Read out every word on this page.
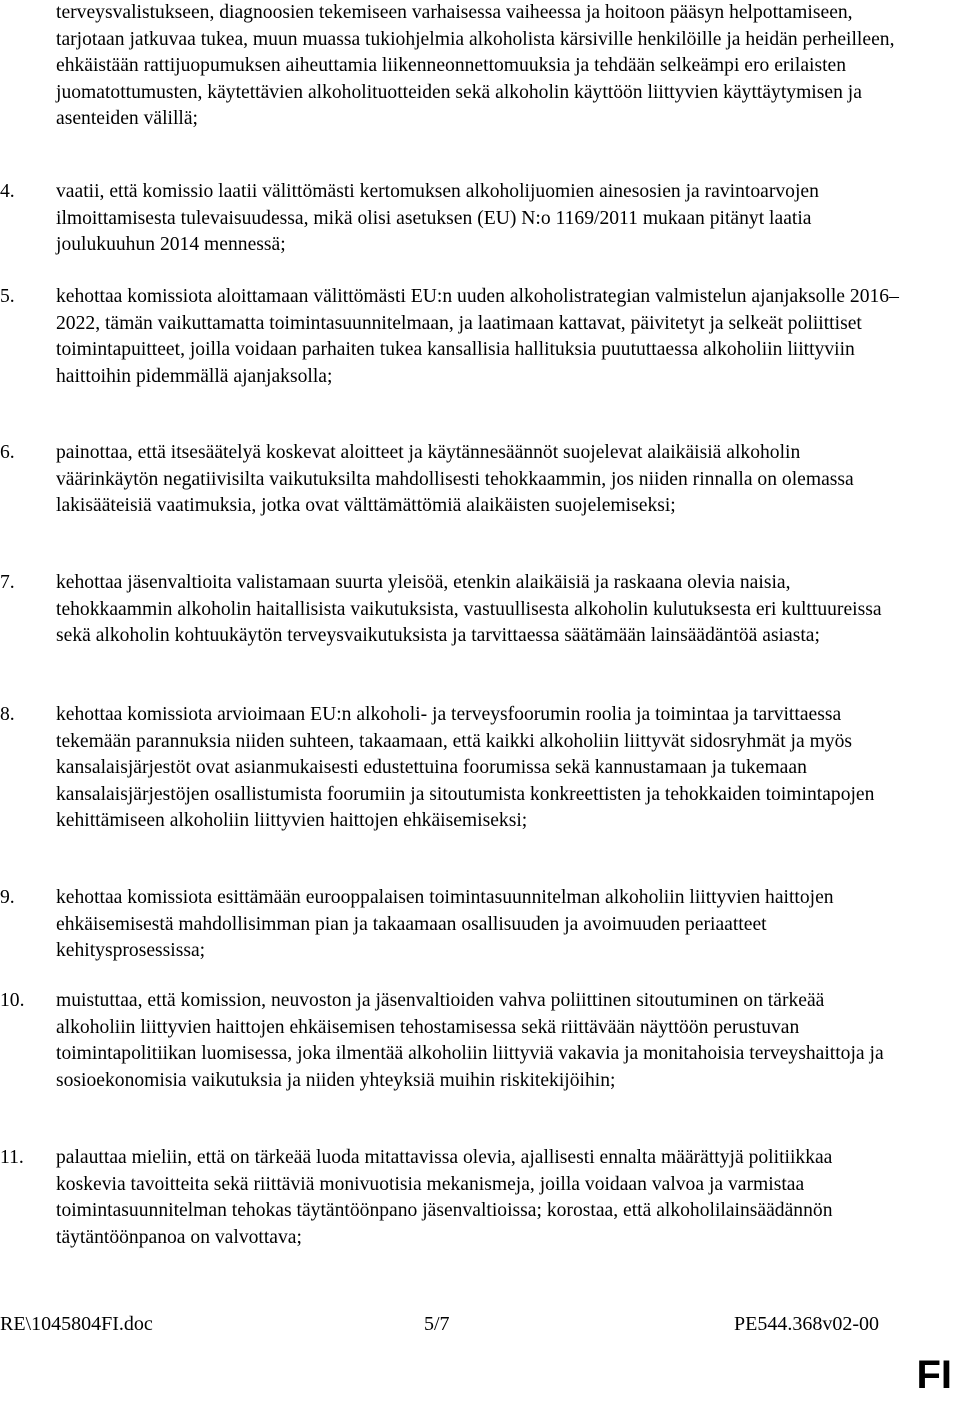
terveysvalistukseen, diagnoosien tekemiseen varhaisessa vaiheessa ja hoitoon pääsyn helpottamiseen, tarjotaan jatkuvaa tukea, muun muassa tukiohjelmia alkoholista kärsiville henkilöille ja heidän perheilleen, ehkäistään rattijuopumuksen aiheuttamia liikenneonnettomuuksia ja tehdään selkeämpi ero erilaisten juomatottumusten, käytettävien alkoholituotteiden sekä alkoholin käyttöön liittyvien käyttäytymisen ja asenteiden välillä;

4. vaatii, että komissio laatii välittömästi kertomuksen alkoholijuomien ainesosien ja ravintoarvojen ilmoittamisesta tulevaisuudessa, mikä olisi asetuksen (EU) N:o 1169/2011 mukaan pitänyt laatia joulukuuhun 2014 mennessä;

5. kehottaa komissiota aloittamaan välittömästi EU:n uuden alkoholistrategian valmistelun ajanjaksolle 2016–2022, tämän vaikuttamatta toimintasuunnitelmaan, ja laatimaan kattavat, päivitetyt ja selkeät poliittiset toimintapuitteet, joilla voidaan parhaiten tukea kansallisia hallituksia puututtaessa alkoholiin liittyviin haittoihin pidemmällä ajanjaksolla;

6. painottaa, että itsesäätelyä koskevat aloitteet ja käytännesäännöt suojelevat alaikäisiä alkoholin väärinkäytön negatiivisilta vaikutuksilta mahdollisesti tehokkaammin, jos niiden rinnalla on olemassa lakisääteisiä vaatimuksia, jotka ovat välttämättömiä alaikäisten suojelemiseksi;

7. kehottaa jäsenvaltioita valistamaan suurta yleisöä, etenkin alaikäisiä ja raskaana olevia naisia, tehokkaammin alkoholin haitallisista vaikutuksista, vastuullisesta alkoholin kulutuksesta eri kulttuureissa sekä alkoholin kohtuukäytön terveysvaikutuksista ja tarvittaessa säätämään lainsäädäntöä asiasta;

8. kehottaa komissiota arvioimaan EU:n alkoholi- ja terveysfoorumin roolia ja toimintaa ja tarvittaessa tekemään parannuksia niiden suhteen, takaamaan, että kaikki alkoholiin liittyvät sidosryhmät ja myös kansalaisjärjestöt ovat asianmukaisesti edustettuina foorumissa sekä kannustamaan ja tukemaan kansalaisjärjestöjen osallistumista foorumiin ja sitoutumista konkreettisten ja tehokkaiden toimintapojen kehittämiseen alkoholiin liittyvien haittojen ehkäisemiseksi;

9. kehottaa komissiota esittämään eurooppalaisen toimintasuunnitelman alkoholiin liittyvien haittojen ehkäisemisestä mahdollisimman pian ja takaamaan osallisuuden ja avoimuuden periaatteet kehitysprosessissa;

10. muistuttaa, että komission, neuvoston ja jäsenvaltioiden vahva poliittinen sitoutuminen on tärkeää alkoholiin liittyvien haittojen ehkäisemisen tehostamisessa sekä riittävään näyttöön perustuvan toimintapolitiikan luomisessa, joka ilmentää alkoholiin liittyviä vakavia ja monitahoisia terveyshaittoja ja sosioekonomisia vaikutuksia ja niiden yhteyksiä muihin riskitekijöihin;

11. palauttaa mieliin, että on tärkeää luoda mitattavissa olevia, ajallisesti ennalta määrättyjä politiikkaa koskevia tavoitteita sekä riittäviä monivuotisia mekanismeja, joilla voidaan valvoa ja varmistaa toimintasuunnitelman tehokas täytäntöönpano jäsenvaltioissa; korostaa, että alkoholilainsäädännön täytäntöönpanoa on valvottava;

RE\1045804FI.doc	5/7	PE544.368v02-00
FI
